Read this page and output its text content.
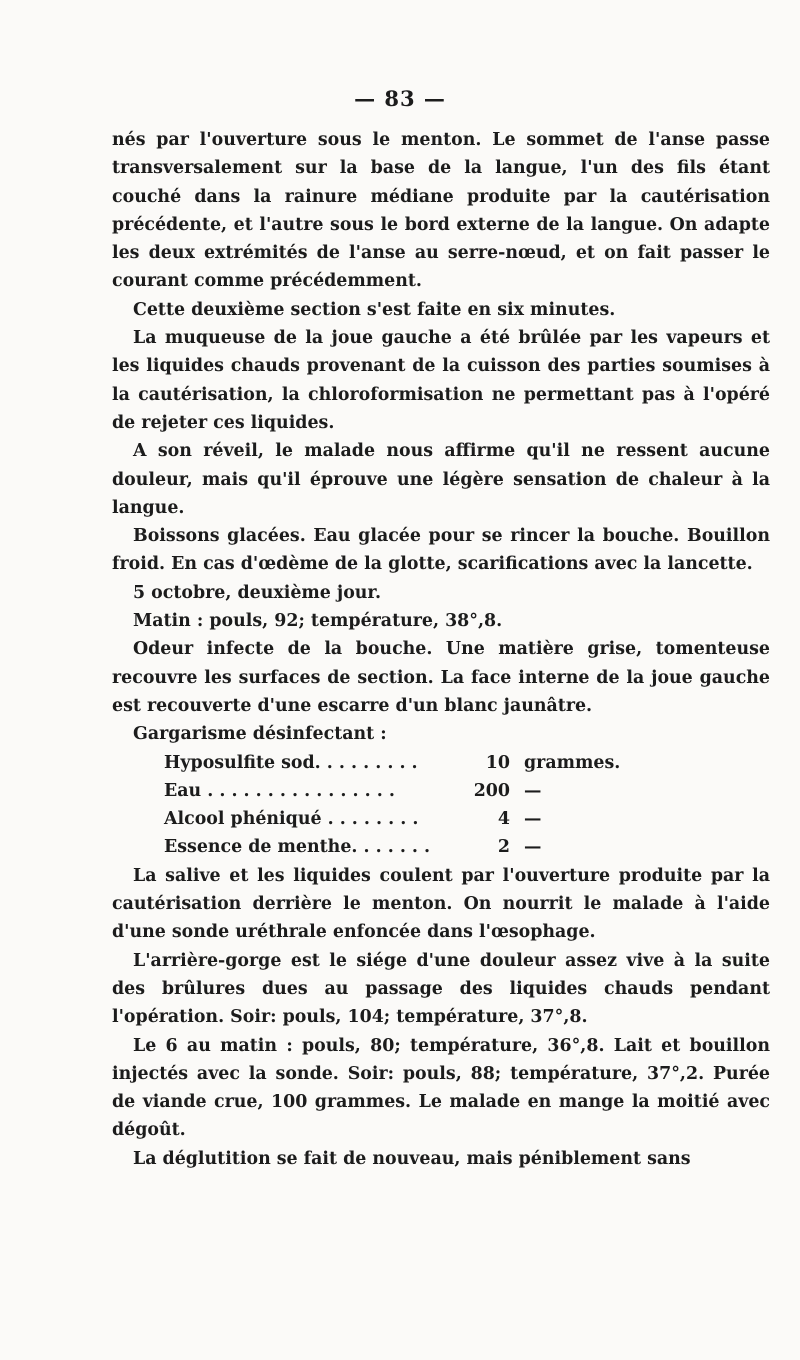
— 83 —

nés par l'ouverture sous le menton. Le sommet de l'anse passe transversalement sur la base de la langue, l'un des fils étant couché dans la rainure médiane produite par la cautérisation précédente, et l'autre sous le bord externe de la langue. On adapte les deux extrémités de l'anse au serre-nœud, et on fait passer le courant comme précédemment.

Cette deuxième section s'est faite en six minutes.

La muqueuse de la joue gauche a été brûlée par les vapeurs et les liquides chauds provenant de la cuisson des parties soumises à la cautérisation, la chloroformisation ne permettant pas à l'opéré de rejeter ces liquides.

A son réveil, le malade nous affirme qu'il ne ressent aucune douleur, mais qu'il éprouve une légère sensation de chaleur à la langue.

Boissons glacées. Eau glacée pour se rincer la bouche. Bouillon froid. En cas d'œdème de la glotte, scarifications avec la lancette.

5 octobre, deuxième jour.

Matin : pouls, 92; température, 38°,8.

Odeur infecte de la bouche. Une matière grise, tomenteuse recouvre les surfaces de section. La face interne de la joue gauche est recouverte d'une escarre d'un blanc jaunâtre.

Gargarisme désinfectant :

Hyposulfite sod. . . . . . . . .	10 grammes.
Eau . . . . . . . . . . . . . . . .	200 —
Alcool phéniqué . . . . . . . .	4 —
Essence de menthe. . . . . . .	2 —

La salive et les liquides coulent par l'ouverture produite par la cautérisation derrière le menton. On nourrit le malade à l'aide d'une sonde uréthrale enfoncée dans l'œsophage.

L'arrière-gorge est le siége d'une douleur assez vive à la suite des brûlures dues au passage des liquides chauds pendant l'opération. Soir: pouls, 104; température, 37°,8.

Le 6 au matin : pouls, 80; température, 36°,8. Lait et bouillon injectés avec la sonde. Soir: pouls, 88; température, 37°,2. Purée de viande crue, 100 grammes. Le malade en mange la moitié avec dégoût.

La déglutition se fait de nouveau, mais péniblement sans
